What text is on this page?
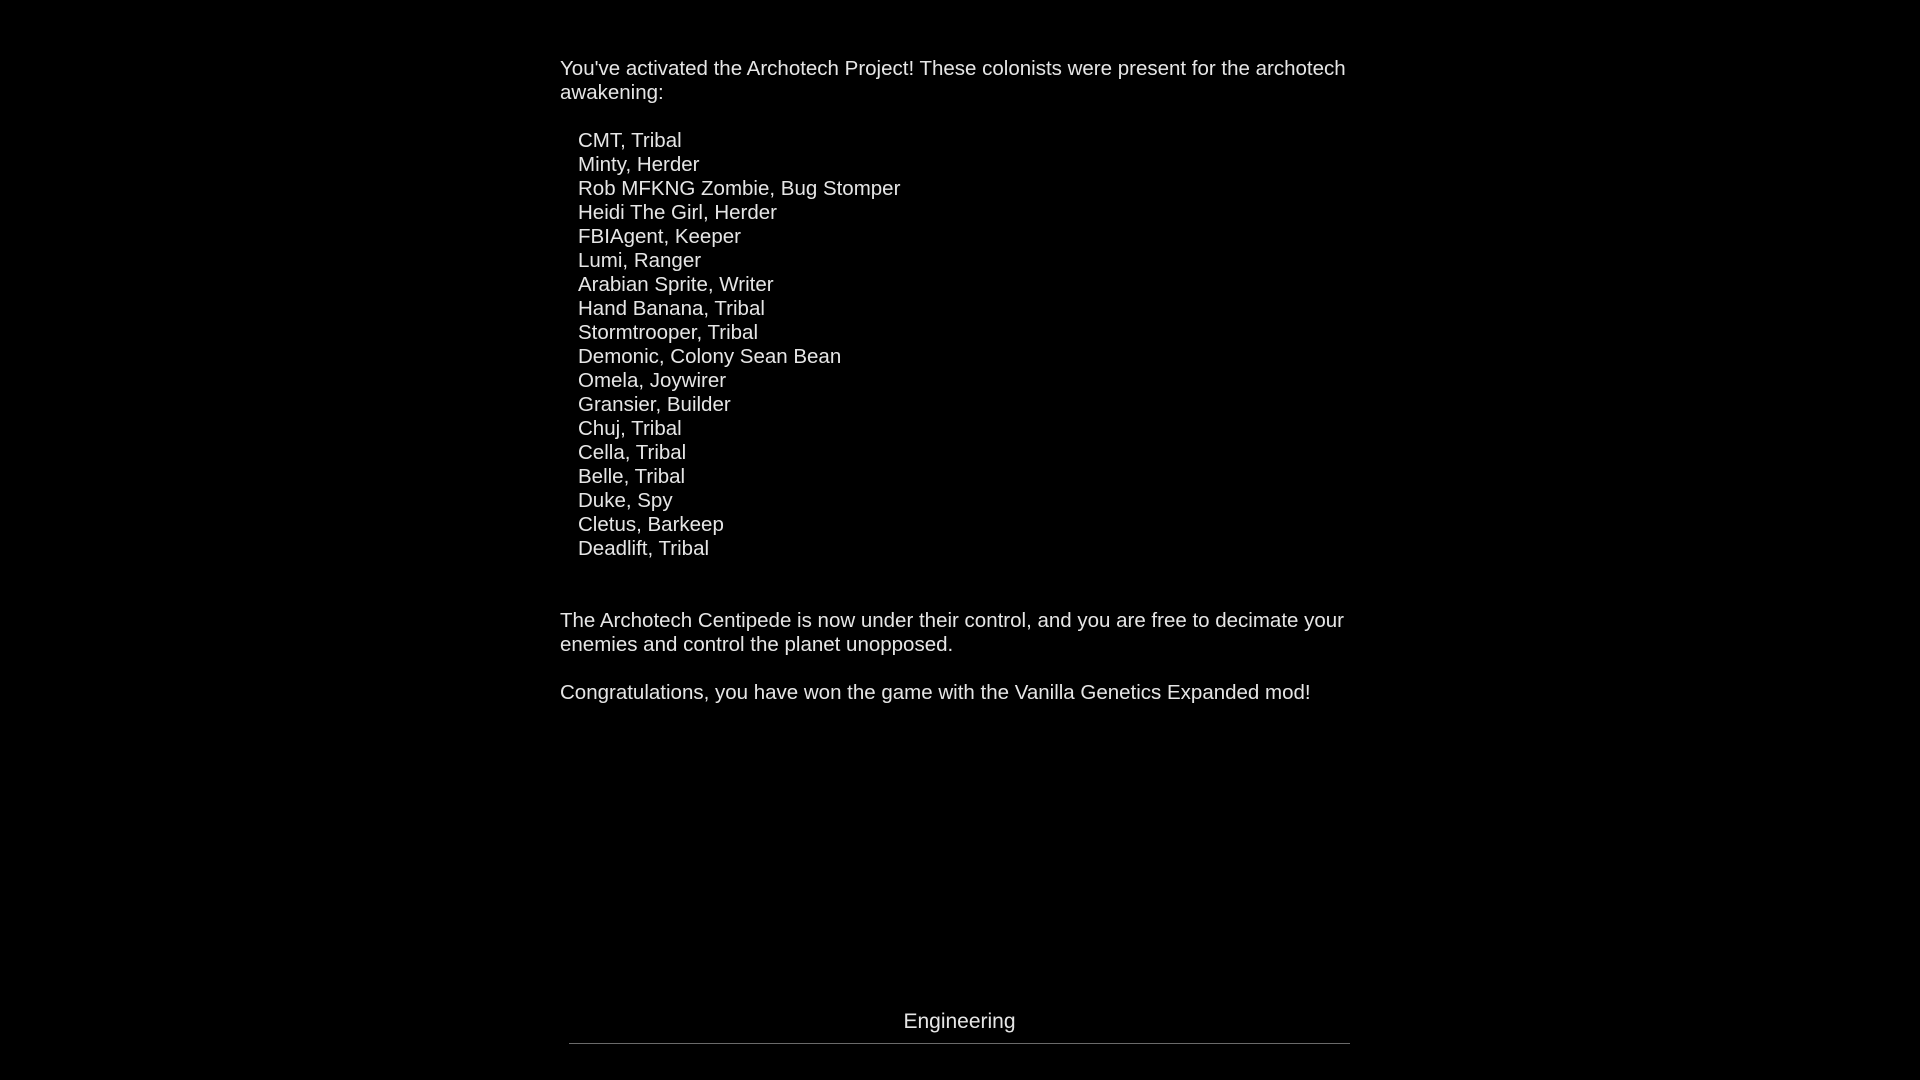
You've activated the Archotech Project! These colonists were present for the archotech awakening:

CMT, Tribal
Minty, Herder
Rob MFKNG Zombie, Bug Stomper
Heidi The Girl, Herder
FBIAgent, Keeper
Lumi, Ranger
Arabian Sprite, Writer
Hand Banana, Tribal
Stormtrooper, Tribal
Demonic, Colony Sean Bean
Omela, Joywirer
Gransier, Builder
Chuj, Tribal
Cella, Tribal
Belle, Tribal
Duke, Spy
Cletus, Barkeep
Deadlift, Tribal

The Archotech Centipede is now under their control, and you are free to decimate your enemies and control the planet unopposed.

Congratulations, you have won the game with the Vanilla Genetics Expanded mod!

Engineering
